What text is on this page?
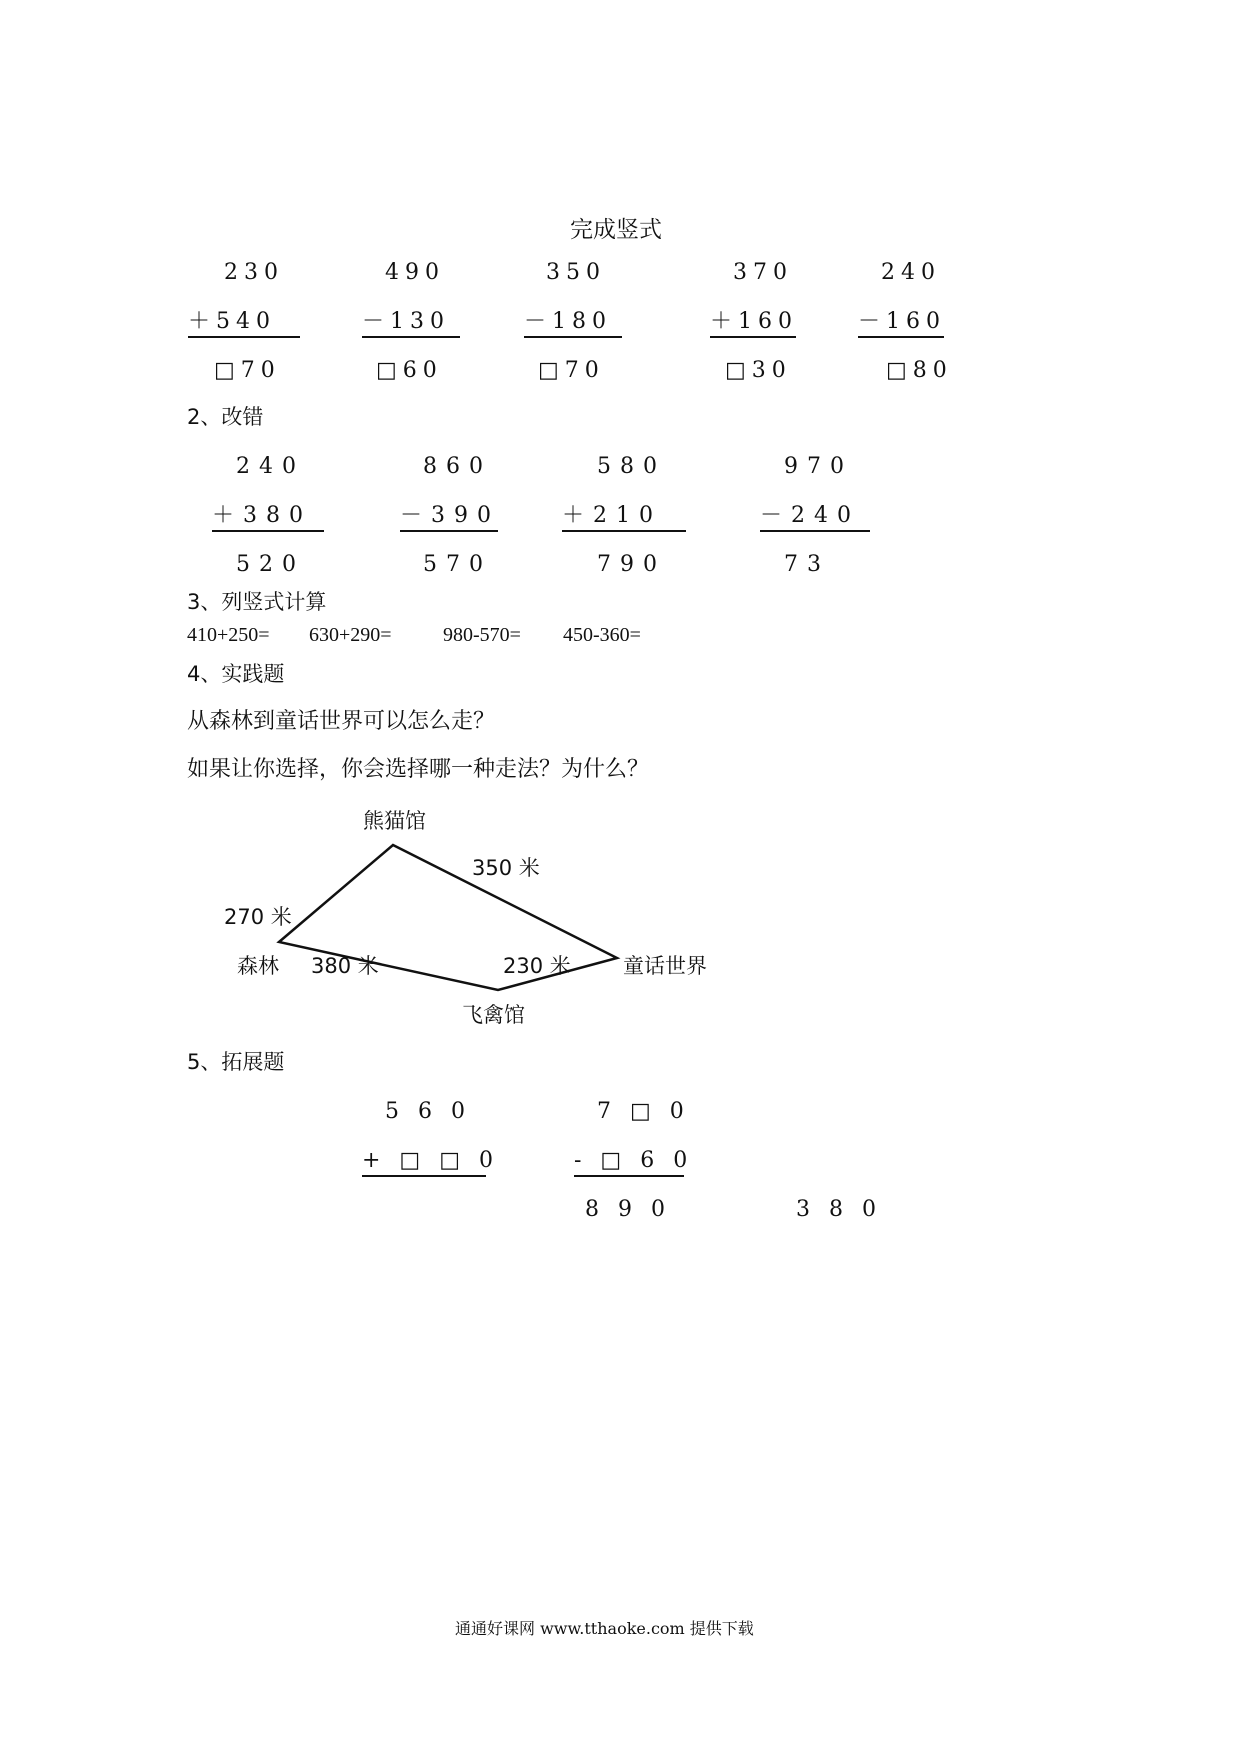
完成竖式
230
＋540
□70
490
－130
□60
350
－180
□70
370
＋160
□30
240
－160
□80
2、改错
240
＋380
520
860
－390
570
580
＋210
790
970
－240
73
3、列竖式计算
410+250= 630+290=	980-570= 450-360=
4、实践题
从森林到童话世界可以怎么走？
如果让你选择，你会选择哪一种走法？为什么？
熊猫馆
森林	童话世界
飞禽馆
270 米
350 米
380 米	230 米
5、拓展题
5 6 0
+ □ □ 0
8 9 0
7 □ 0
- □ 6 0
3 8 0
通通好课网 www.tthaoke.com 提供下载
